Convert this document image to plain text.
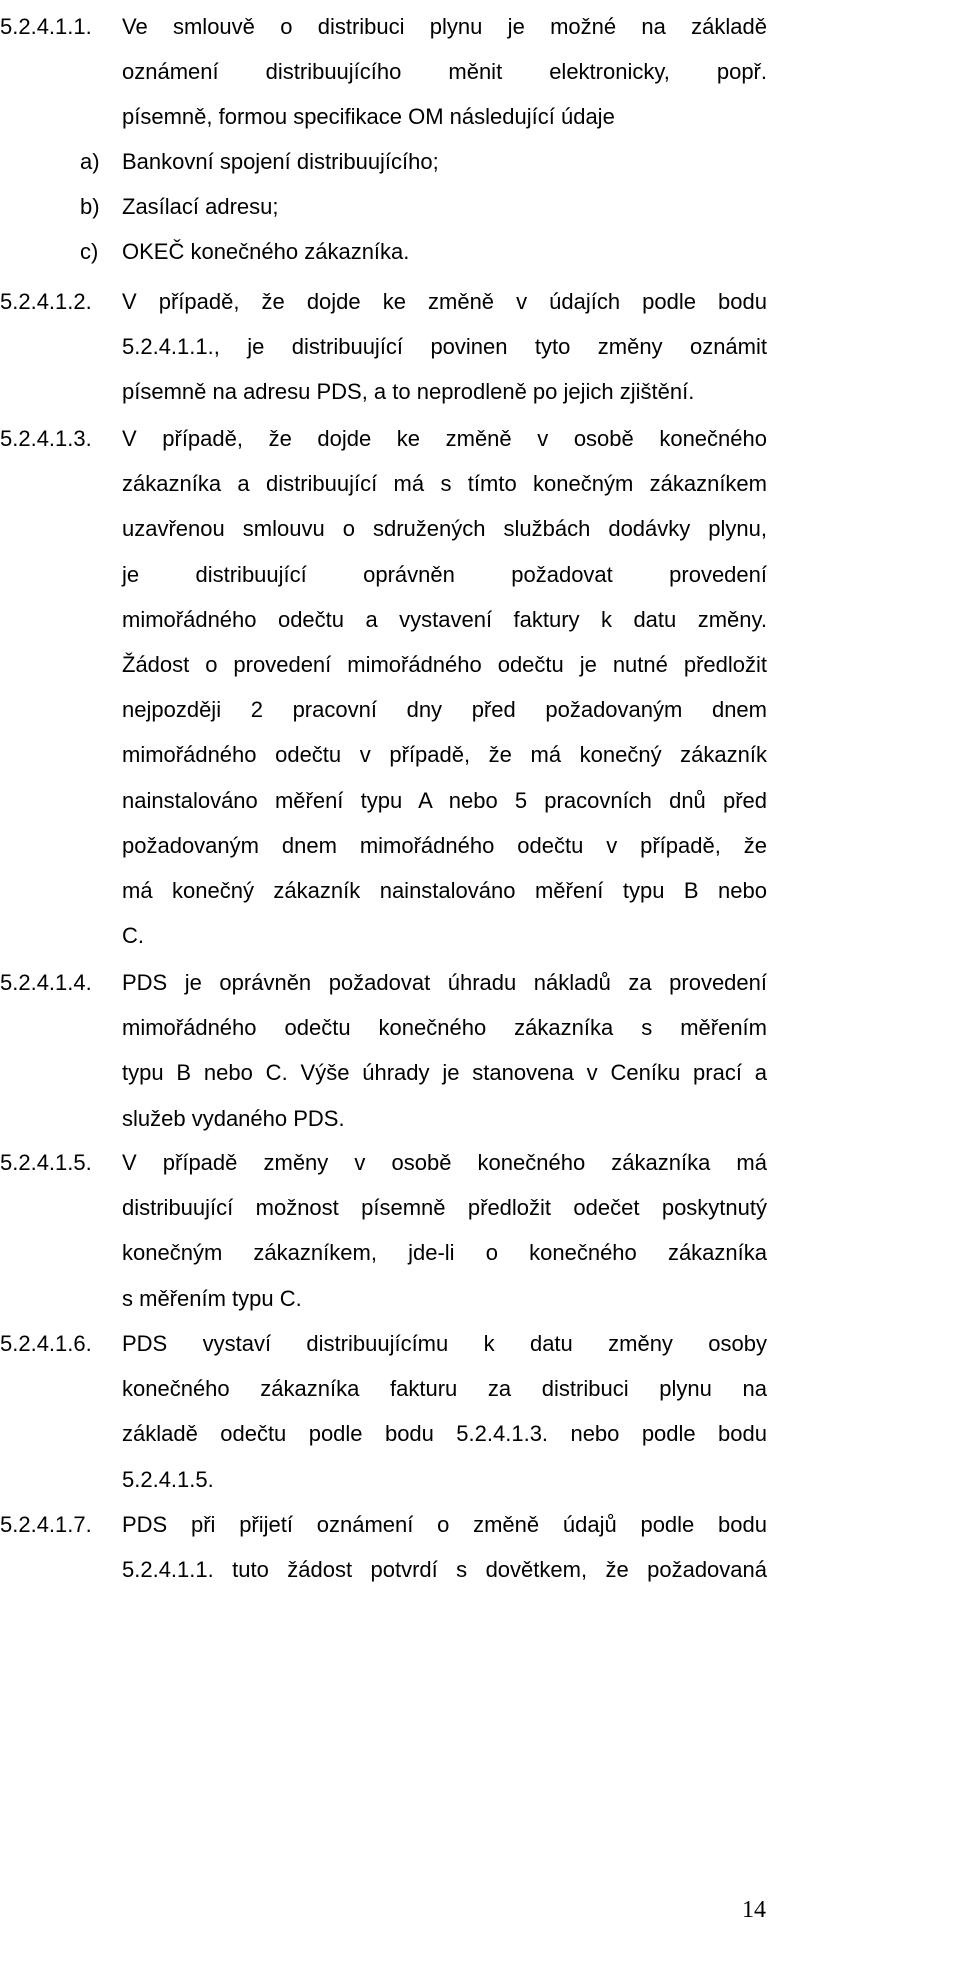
5.2.4.1.1. Ve smlouvě o distribuci plynu je možné na základě
oznámení distribuujícího měnit elektronicky, popř.
písemně, formou specifikace OM následující údaje
a)	Bankovní spojení distribuujícího;
b)	Zasílací adresu;
c)	OKEČ konečného zákazníka.
5.2.4.1.2. V případě, že dojde ke změně v údajích podle bodu
5.2.4.1.1., je distribuující povinen tyto změny oznámit
písemně na adresu PDS, a to neprodleně po jejich zjištění.
5.2.4.1.3. V případě, že dojde ke změně v osobě konečného
zákazníka a distribuující má s tímto konečným zákazníkem
uzavřenou smlouvu o sdružených službách dodávky plynu,
je distribuující oprávněn požadovat provedení
mimořádného odečtu a vystavení faktury k datu změny.
Žádost o provedení mimořádného odečtu je nutné předložit
nejpozději 2 pracovní dny před požadovaným dnem
mimořádného odečtu v případě, že má konečný zákazník
nainstalováno měření typu A nebo 5 pracovních dnů před
požadovaným dnem mimořádného odečtu v případě, že
má konečný zákazník nainstalováno měření typu B nebo
C.
5.2.4.1.4. PDS je oprávněn požadovat úhradu nákladů za provedení
mimořádného odečtu konečného zákazníka s měřením
typu B nebo C. Výše úhrady je stanovena v Ceníku prací a
služeb vydaného PDS.
5.2.4.1.5. V případě změny v osobě konečného zákazníka má
distribuující možnost písemně předložit odečet poskytnutý
konečným zákazníkem, jde-li o konečného zákazníka
s měřením typu C.
5.2.4.1.6. PDS vystaví distribuujícímu k datu změny osoby
konečného zákazníka fakturu za distribuci plynu na
základě odečtu podle bodu 5.2.4.1.3. nebo podle bodu
5.2.4.1.5.
5.2.4.1.7. PDS při přijetí oznámení o změně údajů podle bodu
5.2.4.1.1. tuto žádost potvrdí s dovětkem, že požadovaná
14
